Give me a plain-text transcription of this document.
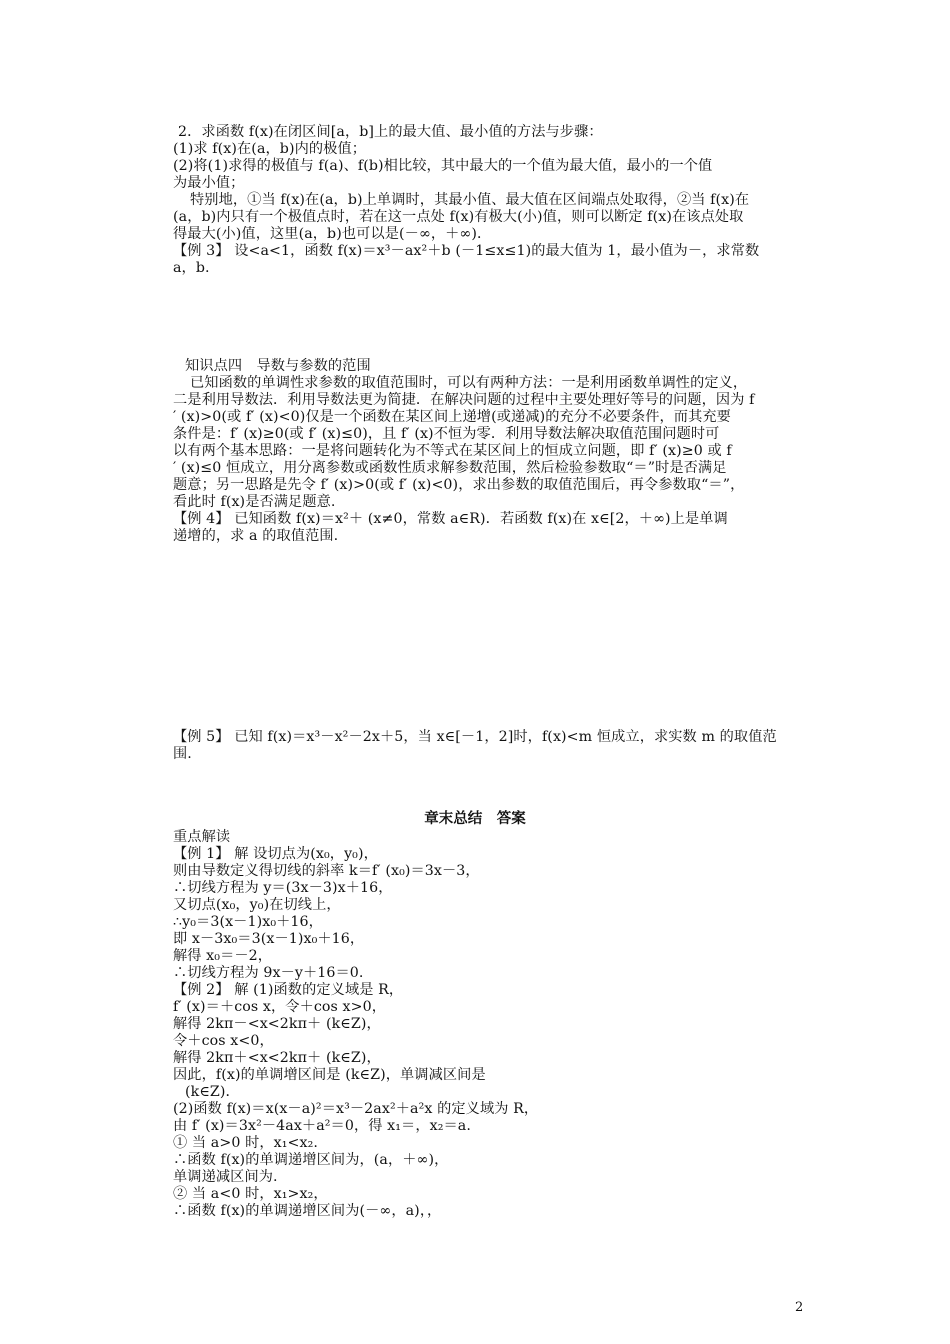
2．求函数 f(x)在闭区间[a，b]上的最大值、最小值的方法与步骤：
(1)求 f(x)在(a，b)内的极值；
(2)将(1)求得的极值与 f(a)、f(b)相比较，其中最大的一个值为最大值，最小的一个值
为最小值；
特别地，①当 f(x)在(a，b)上单调时，其最小值、最大值在区间端点处取得，②当 f(x)在
(a，b)内只有一个极值点时，若在这一点处 f(x)有极大(小)值，则可以断定 f(x)在该点处取
得最大(小)值，这里(a，b)也可以是(－∞，＋∞)．
【例 3】 设<a<1，函数 f(x)＝x³－ax²＋b (－1≤x≤1)的最大值为 1，最小值为－，求常数
a，b.
知识点四　导数与参数的范围
已知函数的单调性求参数的取值范围时，可以有两种方法：一是利用函数单调性的定义，
二是利用导数法．利用导数法更为简捷．在解决问题的过程中主要处理好等号的问题，因为 f
′ (x)>0(或 f′ (x)<0)仅是一个函数在某区间上递增(或递减)的充分不必要条件，而其充要
条件是：f′ (x)≥0(或 f′ (x)≤0)，且 f′ (x)不恒为零．利用导数法解决取值范围问题时可
以有两个基本思路：一是将问题转化为不等式在某区间上的恒成立问题，即 f′ (x)≥0 或 f
′ (x)≤0 恒成立，用分离参数或函数性质求解参数范围，然后检验参数取“＝”时是否满足
题意；另一思路是先令 f′ (x)>0(或 f′ (x)<0)，求出参数的取值范围后，再令参数取“＝”，
看此时 f(x)是否满足题意.
【例 4】 已知函数 f(x)＝x²＋ (x≠0，常数 a∈R)．若函数 f(x)在 x∈[2，＋∞)上是单调
递增的，求 a 的取值范围.
【例 5】 已知 f(x)＝x³－x²－2x＋5，当 x∈[－1，2]时，f(x)<m 恒成立，求实数 m 的取值范
围.
章末总结　答案
重点解读
【例 1】 解 设切点为(x₀，y₀)，
则由导数定义得切线的斜率 k＝f′ (x₀)＝3x－3，
∴切线方程为 y＝(3x－3)x＋16，
又切点(x₀，y₀)在切线上，
∴y₀＝3(x－1)x₀＋16，
即 x－3x₀＝3(x－1)x₀＋16，
解得 x₀＝－2，
∴切线方程为 9x－y＋16＝0.
【例 2】 解 (1)函数的定义域是 R，
f′ (x)＝＋cos x，令＋cos x>0，
解得 2kπ－<x<2kπ＋ (k∈Z)，
令＋cos x<0，
解得 2kπ＋<x<2kπ＋ (k∈Z)，
因此，f(x)的单调增区间是 (k∈Z)，单调减区间是
(k∈Z)．
(2)函数 f(x)＝x(x－a)²＝x³－2ax²＋a²x 的定义域为 R，
由 f′ (x)＝3x²－4ax＋a²＝0，得 x₁＝，x₂＝a.
① 当 a>0 时，x₁<x₂.
∴函数 f(x)的单调递增区间为，(a，＋∞)，
单调递减区间为.
② 当 a<0 时，x₁>x₂，
∴函数 f(x)的单调递增区间为(－∞，a)，，
2
